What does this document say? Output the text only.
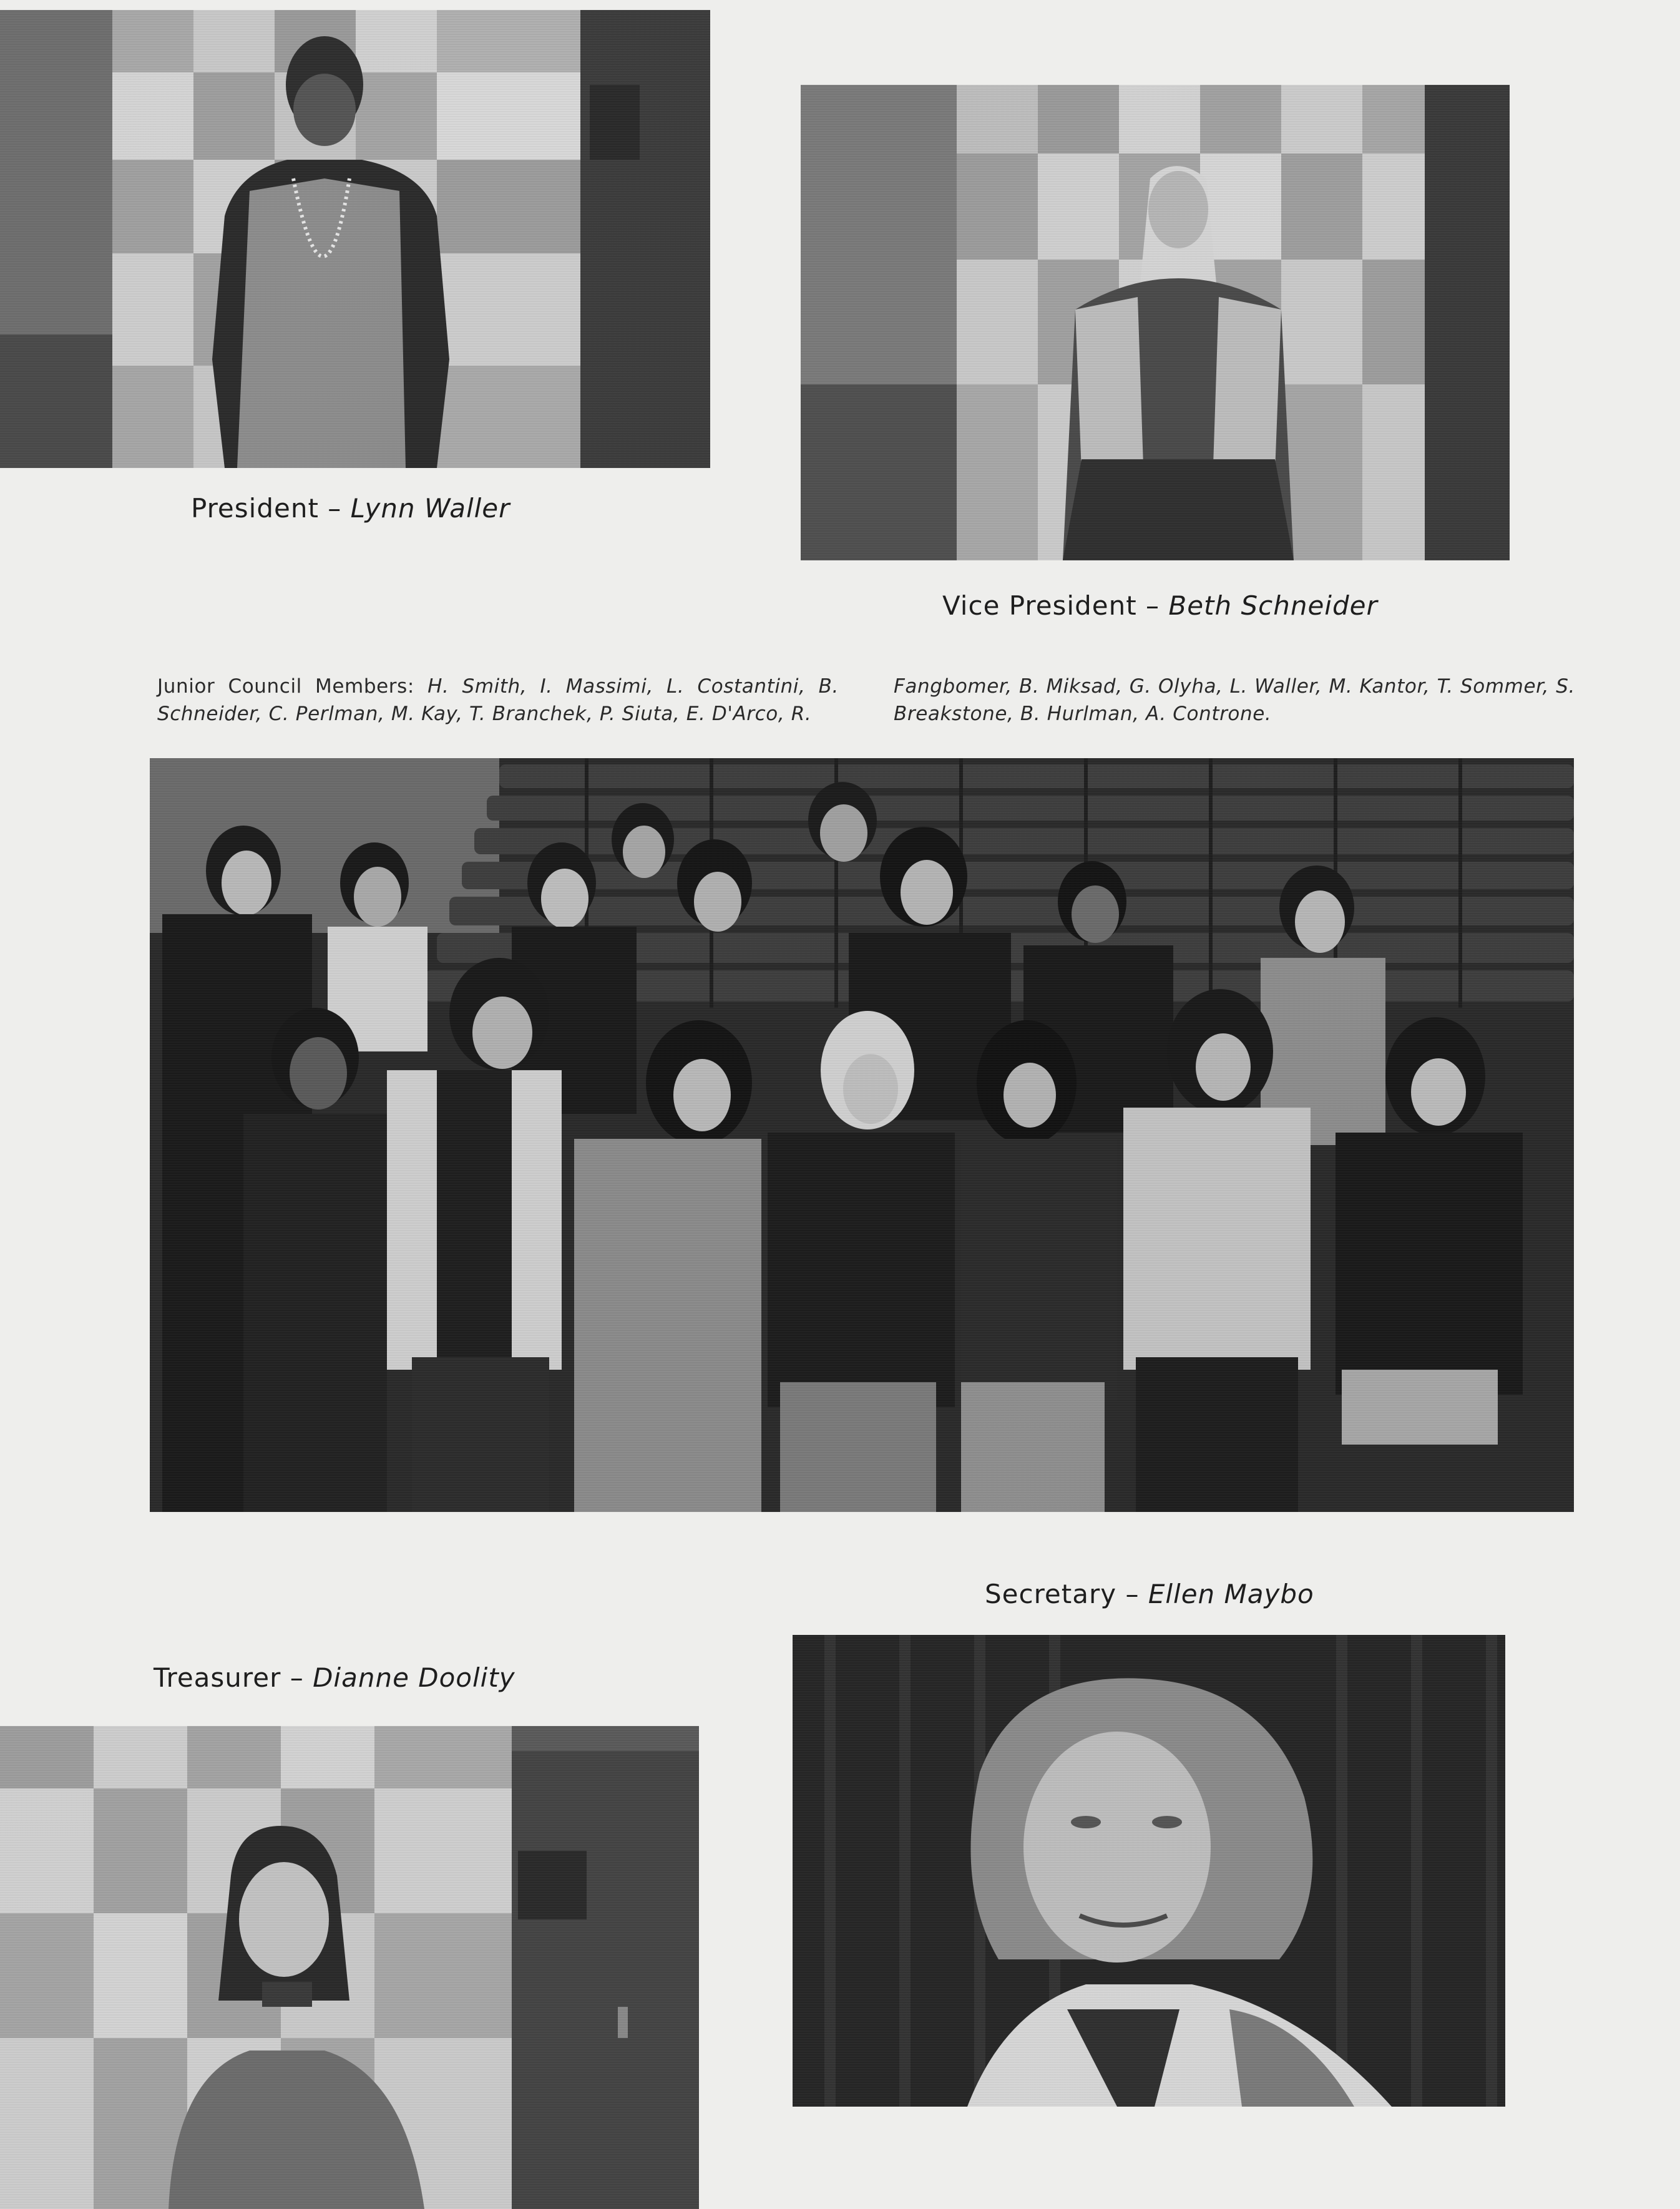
President – Lynn Waller
Vice President – Beth Schneider
Junior Council Members: H. Smith, I. Massimi, L. Costantini, B. Schneider, C. Perlman, M. Kay, T. Branchek, P. Siuta, E. D'Arco, R.
Fangbomer, B. Miksad, G. Olyha, L. Waller, M. Kantor, T. Sommer, S. Breakstone, B. Hurlman, A. Controne.
Secretary – Ellen Maybo
Treasurer – Dianne Doolity
